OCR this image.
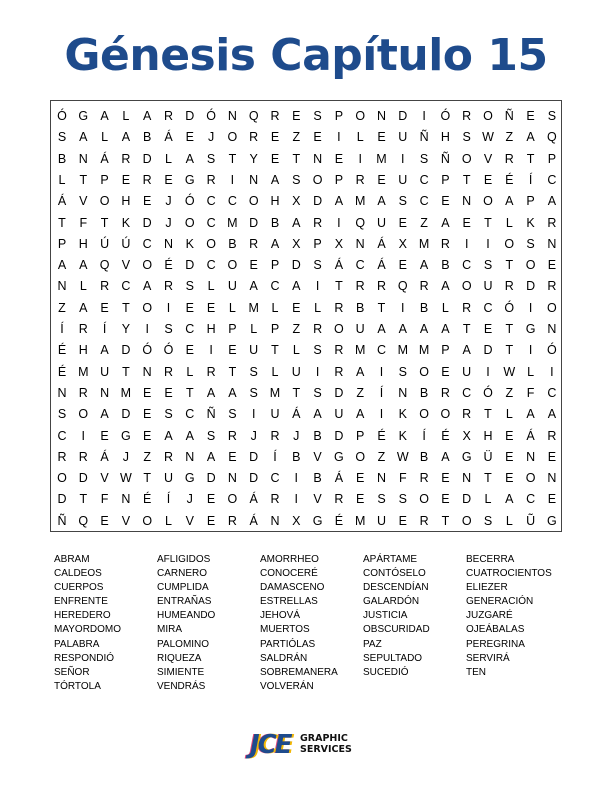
Génesis Capítulo 15
Ó G A	L	A	R D Ó N Q R	E	S	P O N D	I	Ó R O Ñ	E	S
S	A	L	A	B	Á	E	J	O R	E	Z	E	I	L	E	U Ñ H	S W Z	A Q
B	N	Á	R D	L	A	S	T	Y	E	T	N	E	I	M	I	S	Ñ O V	R	T	P
L	T	P	E	R	E G R	I	N	A	S O P	R	E	U C	P	T	E	É	Í	C
Á	V O H	E	J	Ó C C O H	X	D	A M A	S	C	E	N O A	P	A
T	F	T	K	D	J	O C M D	B	A	R	I	Q U	E	Z	A	E	T	L	K	R
P	H Ú Ú C N	K O B	R	A	X	P	X	N	Á	X M R	I	I	O S	N
A	A Q V O É	D C O E	P	D	S	Á	C	Á	E	A	B	C	S	T	O E
N	L	R C	A	R	S	L	U	A	C	A	I	T	R R Q R	A O U R D R
Z	A	E	T	O	I	E	E	L	M	L	E	L	R	B	T	I	B	L	R C Ó	I	O
Í	R	Í	Y	I	S	C H	P	L	P	Z	R O U	A	A	A	A	T	E	T	G N
É	H	A	D Ó Ó E	I	E	U	T	L	S	R M C M M P	A	D	T	I	Ó
É M U	T	N R	L	R	T	S	L	U	I	R	A	I	S O E	U	I	W L	I
N R N M E	E	T	A	A	S M T	S	D	Z	Í	N	B	R C Ó	Z	F	C
S O A	D	E	S	C Ñ	S	I	U	Á	A	U	A	I	K O O R	T	L	A	A
C	I	E G E	A	A	S	R	J	R	J	B	D	P	É	K	Í	É	X	H	E	Á	R
R R	Á	J	Z	R N	A	E	D	Í	B	V G O	Z W B	A G Ü	E	N	E
O D	V W T	U G D N D C	I	B	Á	E	N	F	R	E	N	T	E O N
D	T	F	N	É	Í	J	E O Á	R	I	V	R	E	S	S O E	D	L	A	C	E
Ñ Q E	V O	L	V	E	R	Á	N	X G É M U	E	R	T	O S	L	Ũ G
ABRAM
CALDEOS
CUERPOS
ENFRENTE
HEREDERO
MAYORDOMO
PALABRA
RESPONDIÓ
SEÑOR
TÓRTOLA
AFLIGIDOS
CARNERO
CUMPLIDA
ENTRAÑAS
HUMEANDO
MIRA
PALOMINO
RIQUEZA
SIMIENTE
VENDRÁS
AMORRHEO
CONOCERÉ
DAMASCENO
ESTRELLAS
JEHOVÁ
MUERTOS
PARTIÓLAS
SALDRÁN
SOBREMANERA
VOLVERÁN
APÁRTAME
CONTÓSELO
DESCENDÍAN
GALARDÓN
JUSTICIA
OBSCURIDAD
PAZ
SEPULTADO
SUCEDIÓ
BECERRA
CUATROCIENTOS
ELIEZER
GENERACIÓN
JUZGARÉ
OJEÁBALAS
PEREGRINA
SERVIRÁ
TEN
JCE GRAPHIC
SERVICES
